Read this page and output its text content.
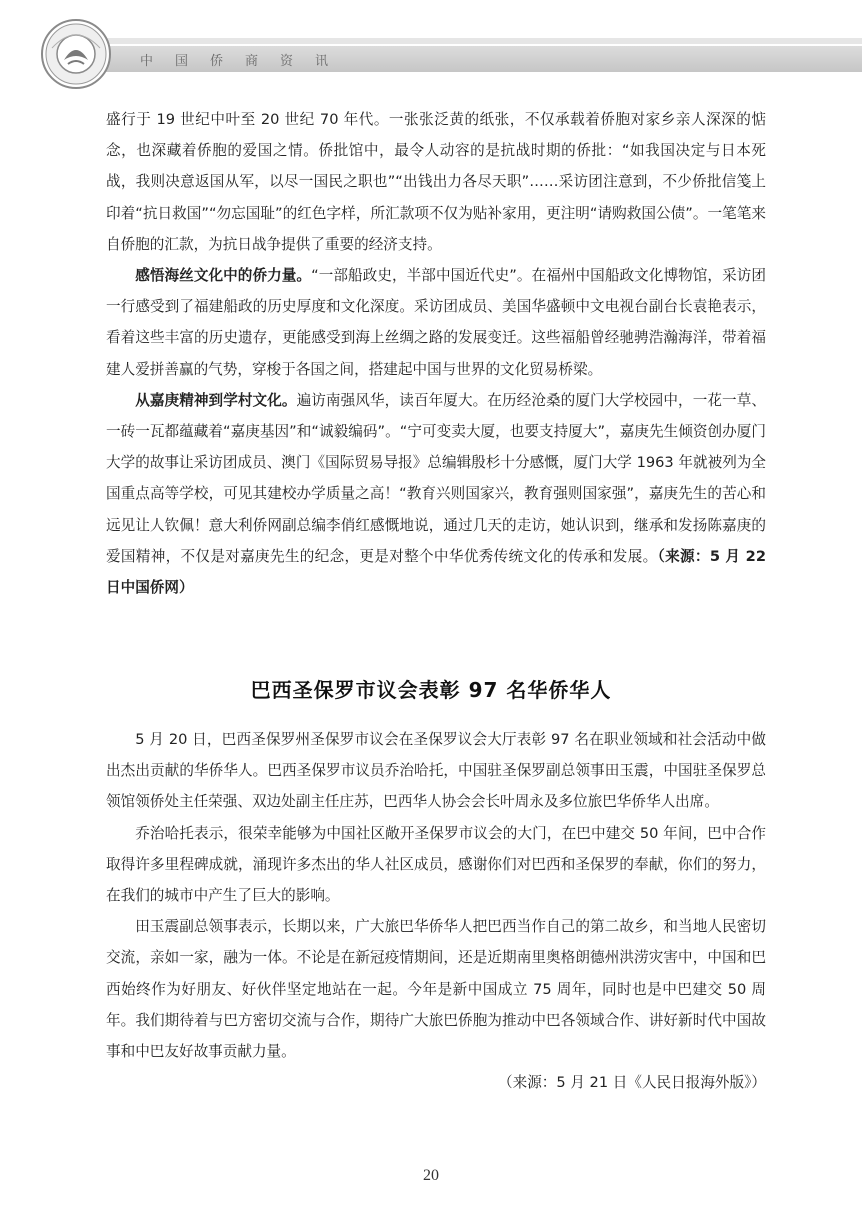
中国侨商资讯

盛行于 19 世纪中叶至 20 世纪 70 年代。一张张泛黄的纸张，不仅承载着侨胞对家乡亲人深深的惦念，也深藏着侨胞的爱国之情。侨批馆中，最令人动容的是抗战时期的侨批：“如我国决定与日本死战，我则决意返国从军，以尽一国民之职也”“出钱出力各尽天职”……采访团注意到，不少侨批信笺上印着“抗日救国”“勿忘国耻”的红色字样，所汇款项不仅为贴补家用，更注明“请购救国公债”。一笔笔来自侨胞的汇款，为抗日战争提供了重要的经济支持。

感悟海丝文化中的侨力量。“一部船政史，半部中国近代史”。在福州中国船政文化博物馆，采访团一行感受到了福建船政的历史厚度和文化深度。采访团成员、美国华盛顿中文电视台副台长袁艳表示，看着这些丰富的历史遗存，更能感受到海上丝绸之路的发展变迁。这些福船曾经驰骋浩瀚海洋，带着福建人爱拼善赢的气势，穿梭于各国之间，搭建起中国与世界的文化贸易桥梁。

从嘉庚精神到学村文化。遍访南强风华，读百年厦大。在历经沧桑的厦门大学校园中，一花一草、一砖一瓦都蕴藏着“嘉庚基因”和“诚毅编码”。“宁可变卖大厦，也要支持厦大”，嘉庚先生倾资创办厦门大学的故事让采访团成员、澳门《国际贸易导报》总编辑殷杉十分感慨，厦门大学 1963 年就被列为全国重点高等学校，可见其建校办学质量之高！“教育兴则国家兴，教育强则国家强”，嘉庚先生的苦心和远见让人钦佩！意大利侨网副总编李俏红感慨地说，通过几天的走访，她认识到，继承和发扬陈嘉庚的爱国精神，不仅是对嘉庚先生的纪念，更是对整个中华优秀传统文化的传承和发展。（来源：5 月 22 日中国侨网）

巴西圣保罗市议会表彰 97 名华侨华人

5 月 20 日，巴西圣保罗州圣保罗市议会在圣保罗议会大厅表彰 97 名在职业领域和社会活动中做出杰出贡献的华侨华人。巴西圣保罗市议员乔治哈托，中国驻圣保罗副总领事田玉震，中国驻圣保罗总领馆领侨处主任荣强、双边处副主任庄苏，巴西华人协会会长叶周永及多位旅巴华侨华人出席。

乔治哈托表示，很荣幸能够为中国社区敞开圣保罗市议会的大门，在巴中建交 50 年间，巴中合作取得许多里程碑成就，涌现许多杰出的华人社区成员，感谢你们对巴西和圣保罗的奉献，你们的努力，在我们的城市中产生了巨大的影响。

田玉震副总领事表示，长期以来，广大旅巴华侨华人把巴西当作自己的第二故乡，和当地人民密切交流，亲如一家，融为一体。不论是在新冠疫情期间，还是近期南里奥格朗德州洪涝灾害中，中国和巴西始终作为好朋友、好伙伴坚定地站在一起。今年是新中国成立 75 周年，同时也是中巴建交 50 周年。我们期待着与巴方密切交流与合作，期待广大旅巴侨胞为推动中巴各领域合作、讲好新时代中国故事和中巴友好故事贡献力量。

（来源：5 月 21 日《人民日报海外版》）

20
